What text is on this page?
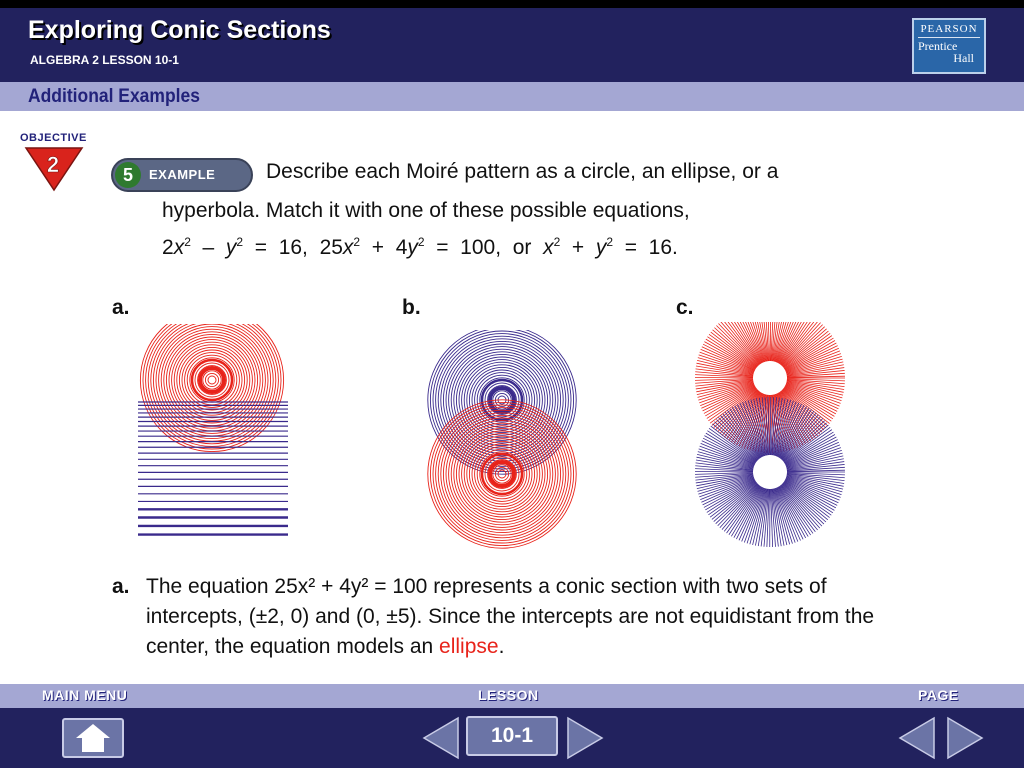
Exploring Conic Sections
ALGEBRA 2 LESSON 10-1
PEARSON
Prentice
Hall
Additional Examples
OBJECTIVE
2	5	EXAMPLE Describe each Moiré pattern as a circle, an ellipse, or a
hyperbola. Match it with one of these possible equations,
$2x^2 - y^2 = 16$, $25x^2 + 4y^2 = 100$,  or  $x^2 + y^2 = 16$.
a.	b.	c.
a. The equation 25x² + 4y² = 100 represents a conic section with two sets of intercepts, (±2, 0) and (0, ±5). Since the intercepts are not equidistant from the center, the equation models an ellipse.
MAIN MENU	LESSON	PAGE
10-1
